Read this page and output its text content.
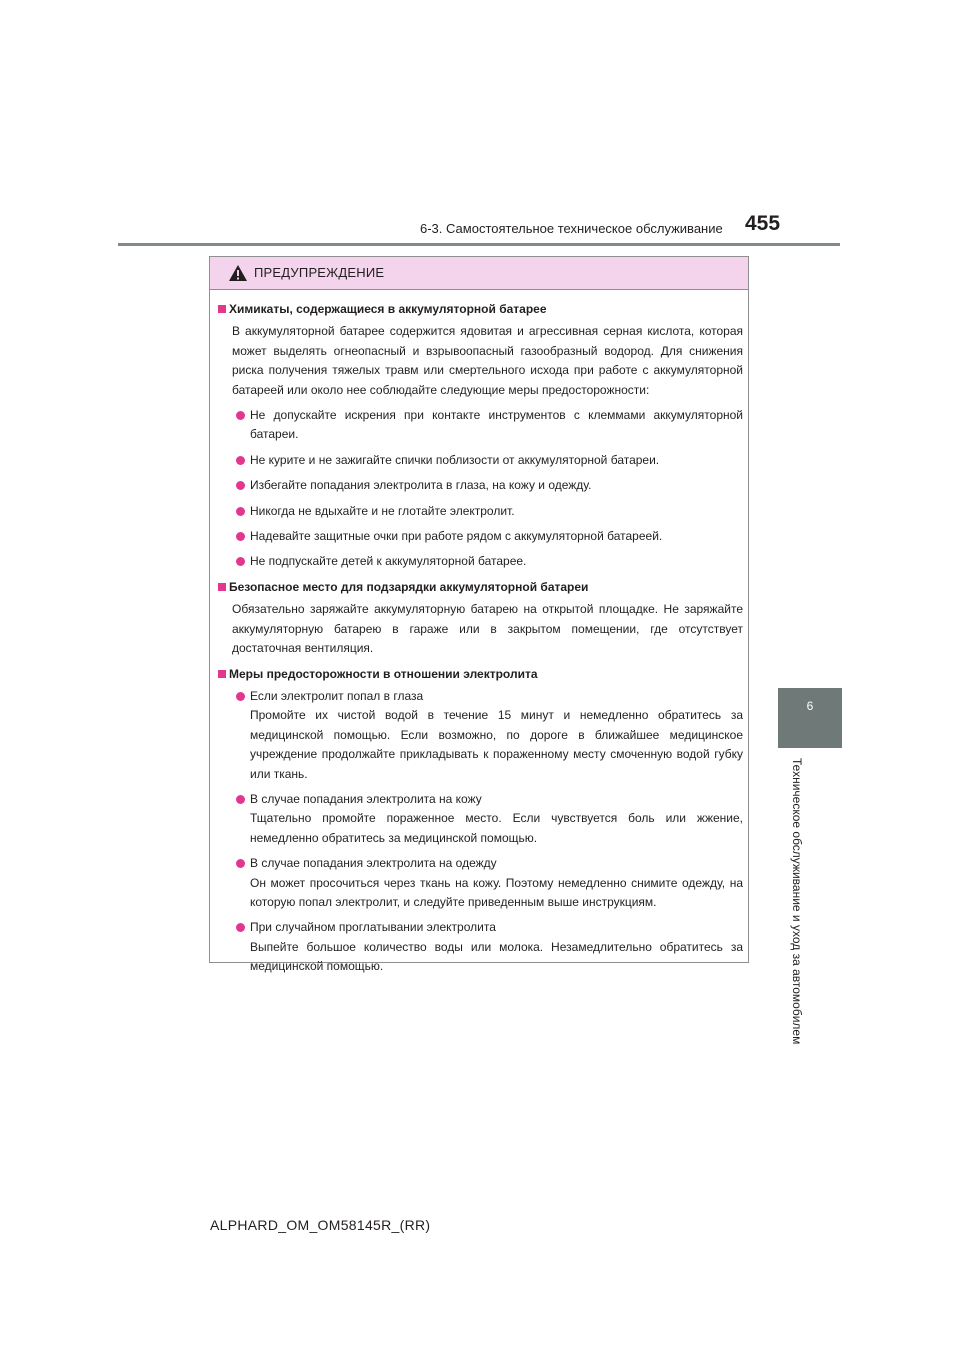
6-3. Самостоятельное техническое обслуживание 455
6
Техническое обслуживание и уход за автомобилем
ПРЕДУПРЕЖДЕНИЕ
Химикаты, содержащиеся в аккумуляторной батарее
В аккумуляторной батарее содержится ядовитая и агрессивная серная кислота, которая может выделять огнеопасный и взрывоопасный газообразный водород. Для снижения риска получения тяжелых травм или смертельного исхода при работе с аккумуляторной батареей или около нее соблюдайте следующие меры предосторожности:
Не допускайте искрения при контакте инструментов с клеммами аккумуляторной батареи.
Не курите и не зажигайте спички поблизости от аккумуляторной батареи.
Избегайте попадания электролита в глаза, на кожу и одежду.
Никогда не вдыхайте и не глотайте электролит.
Надевайте защитные очки при работе рядом с аккумуляторной батареей.
Не подпускайте детей к аккумуляторной батарее.
Безопасное место для подзарядки аккумуляторной батареи
Обязательно заряжайте аккумуляторную батарею на открытой площадке. Не заряжайте аккумуляторную батарею в гараже или в закрытом помещении, где отсутствует достаточная вентиляция.
Меры предосторожности в отношении электролита
Если электролит попал в глаза
Промойте их чистой водой в течение 15 минут и немедленно обратитесь за медицинской помощью. Если возможно, по дороге в ближайшее медицинское учреждение продолжайте прикладывать к пораженному месту смоченную водой губку или ткань.
В случае попадания электролита на кожу
Тщательно промойте пораженное место. Если чувствуется боль или жжение, немедленно обратитесь за медицинской помощью.
В случае попадания электролита на одежду
Он может просочиться через ткань на кожу. Поэтому немедленно снимите одежду, на которую попал электролит, и следуйте приведенным выше инструкциям.
При случайном проглатывании электролита
Выпейте большое количество воды или молока. Незамедлительно обратитесь за медицинской помощью.
ALPHARD_OM_OM58145R_(RR)
